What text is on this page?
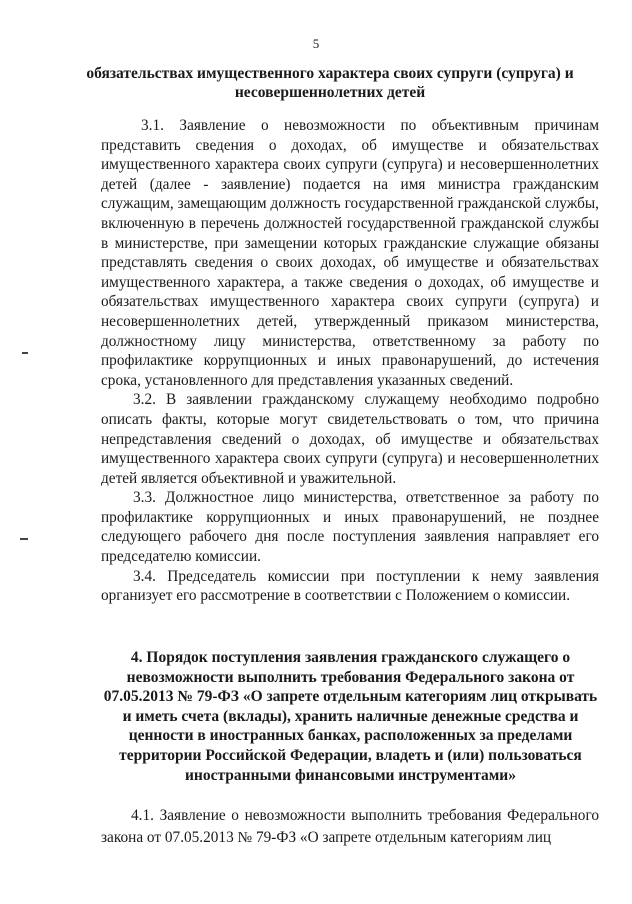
5
обязательствах имущественного характера своих супруги (супруга) и несовершеннолетних детей

3.1. Заявление о невозможности по объективным причинам представить сведения о доходах, об имуществе и обязательствах имущественного характера своих супруги (супруга) и несовершеннолетних детей (далее - заявление) подается на имя министра гражданским служащим, замещающим должность государственной гражданской службы, включенную в перечень должностей государственной гражданской службы в министерстве, при замещении которых гражданские служащие обязаны представлять сведения о своих доходах, об имуществе и обязательствах имущественного характера, а также сведения о доходах, об имуществе и обязательствах имущественного характера своих супруги (супруга) и несовершеннолетних детей, утвержденный приказом министерства, должностному лицу министерства, ответственному за работу по профилактике коррупционных и иных правонарушений, до истечения срока, установленного для представления указанных сведений.

3.2. В заявлении гражданскому служащему необходимо подробно описать факты, которые могут свидетельствовать о том, что причина непредставления сведений о доходах, об имуществе и обязательствах имущественного характера своих супруги (супруга) и несовершеннолетних детей является объективной и уважительной.

3.3. Должностное лицо министерства, ответственное за работу по профилактике коррупционных и иных правонарушений, не позднее следующего рабочего дня после поступления заявления направляет его председателю комиссии.

3.4. Председатель комиссии при поступлении к нему заявления организует его рассмотрение в соответствии с Положением о комиссии.

4. Порядок поступления заявления гражданского служащего о невозможности выполнить требования Федерального закона от 07.05.2013 № 79-ФЗ «О запрете отдельным категориям лиц открывать и иметь счета (вклады), хранить наличные денежные средства и ценности в иностранных банках, расположенных за пределами территории Российской Федерации, владеть и (или) пользоваться иностранными финансовыми инструментами»

4.1. Заявление о невозможности выполнить требования Федерального закона от 07.05.2013 № 79-ФЗ «О запрете отдельным категориям лиц
